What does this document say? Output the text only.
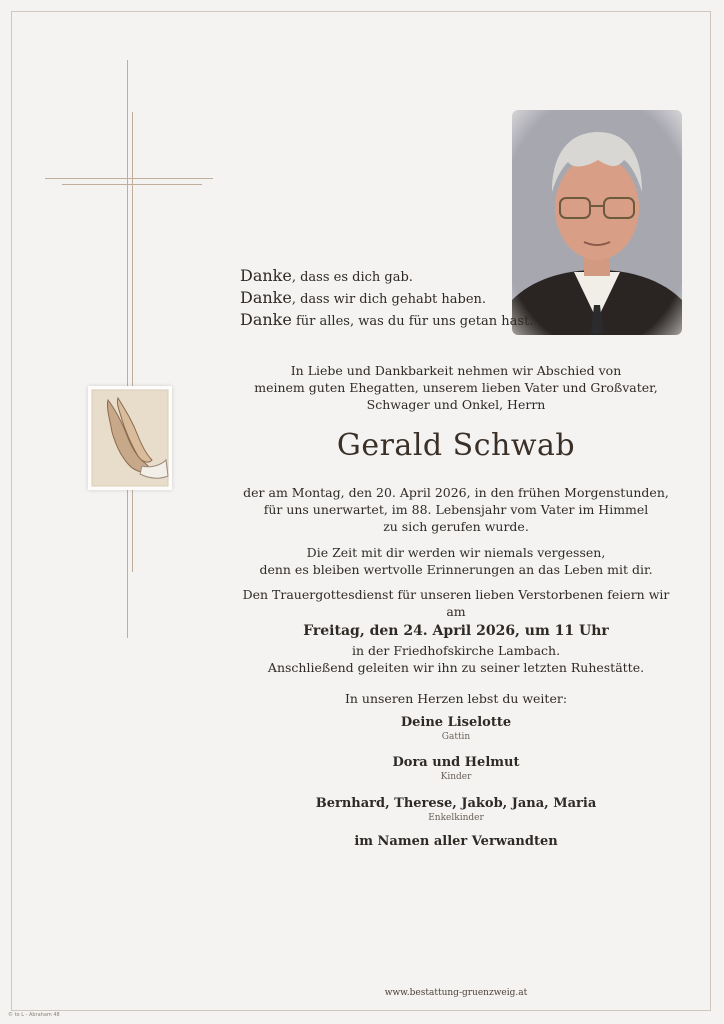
Danke, dass es dich gab.
Danke, dass wir dich gehabt haben.
Danke für alles, was du für uns getan hast.
In Liebe und Dankbarkeit nehmen wir Abschied von
meinem guten Ehegatten, unserem lieben Vater und Großvater,
Schwager und Onkel, Herrn
Gerald Schwab
der am Montag, den 20. April 2026, in den frühen Morgenstunden,
für uns unerwartet, im 88. Lebensjahr vom Vater im Himmel
zu sich gerufen wurde.
Die Zeit mit dir werden wir niemals vergessen,
denn es bleiben wertvolle Erinnerungen an das Leben mit dir.
Den Trauergottesdienst für unseren lieben Verstorbenen feiern wir am
Freitag, den 24. April 2026, um 11 Uhr
in der Friedhofskirche Lambach.
Anschließend geleiten wir ihn zu seiner letzten Ruhestätte.
In unseren Herzen lebst du weiter:
Deine Liselotte
Gattin
Dora und Helmut
Kinder
Bernhard, Therese, Jakob, Jana, Maria
Enkelkinder
im Namen aller Verwandten
www.bestattung-gruenzweig.at
© to L - Abraham 48
